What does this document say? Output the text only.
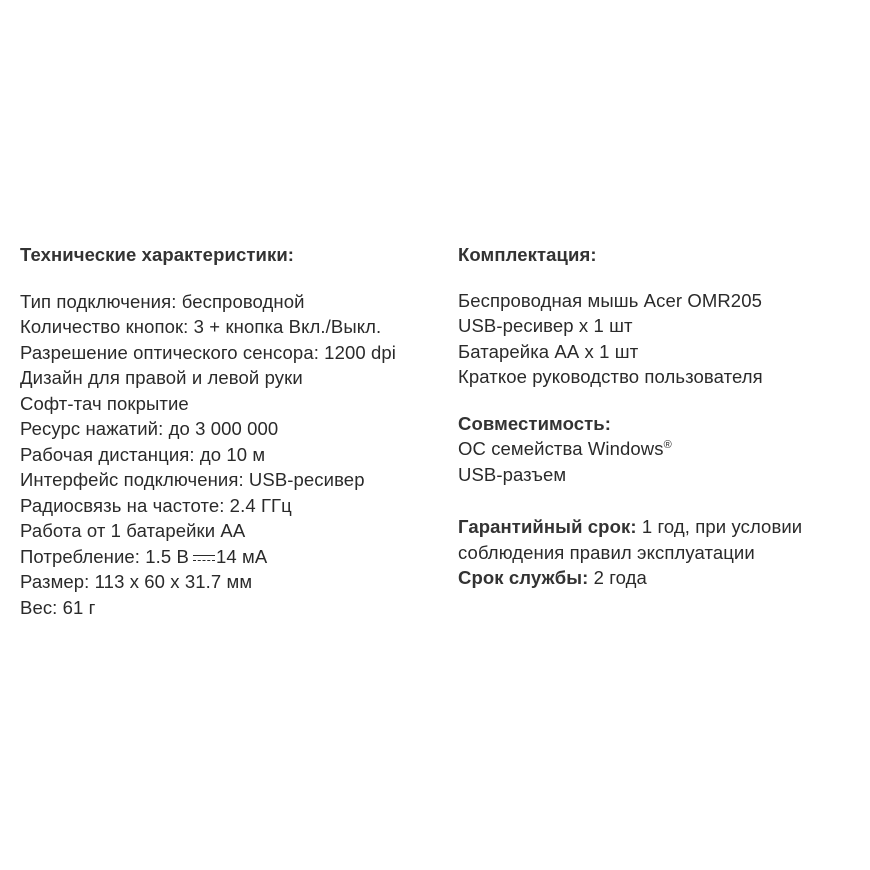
Технические характеристики:
Тип подключения: беспроводной
Количество кнопок: 3 + кнопка Вкл./Выкл.
Разрешение оптического сенсора: 1200 dpi
Дизайн для правой и левой руки
Софт-тач покрытие
Ресурс нажатий: до 3 000 000
Рабочая дистанция: до 10 м
Интерфейс подключения: USB-ресивер
Радиосвязь на частоте: 2.4 ГГц
Работа от 1 батарейки АА
Потребление: 1.5 В 14 мА
Размер: 113 х 60 х 31.7 мм
Вес: 61 г
Комплектация:
Беспроводная мышь Acer OMR205
USB-ресивер х 1 шт
Батарейка АА х 1 шт
Краткое руководство пользователя
Совместимость:
ОС семейства Windows®
USB-разъем
Гарантийный срок: 1 год, при условии
соблюдения правил эксплуатации
Срок службы: 2 года
